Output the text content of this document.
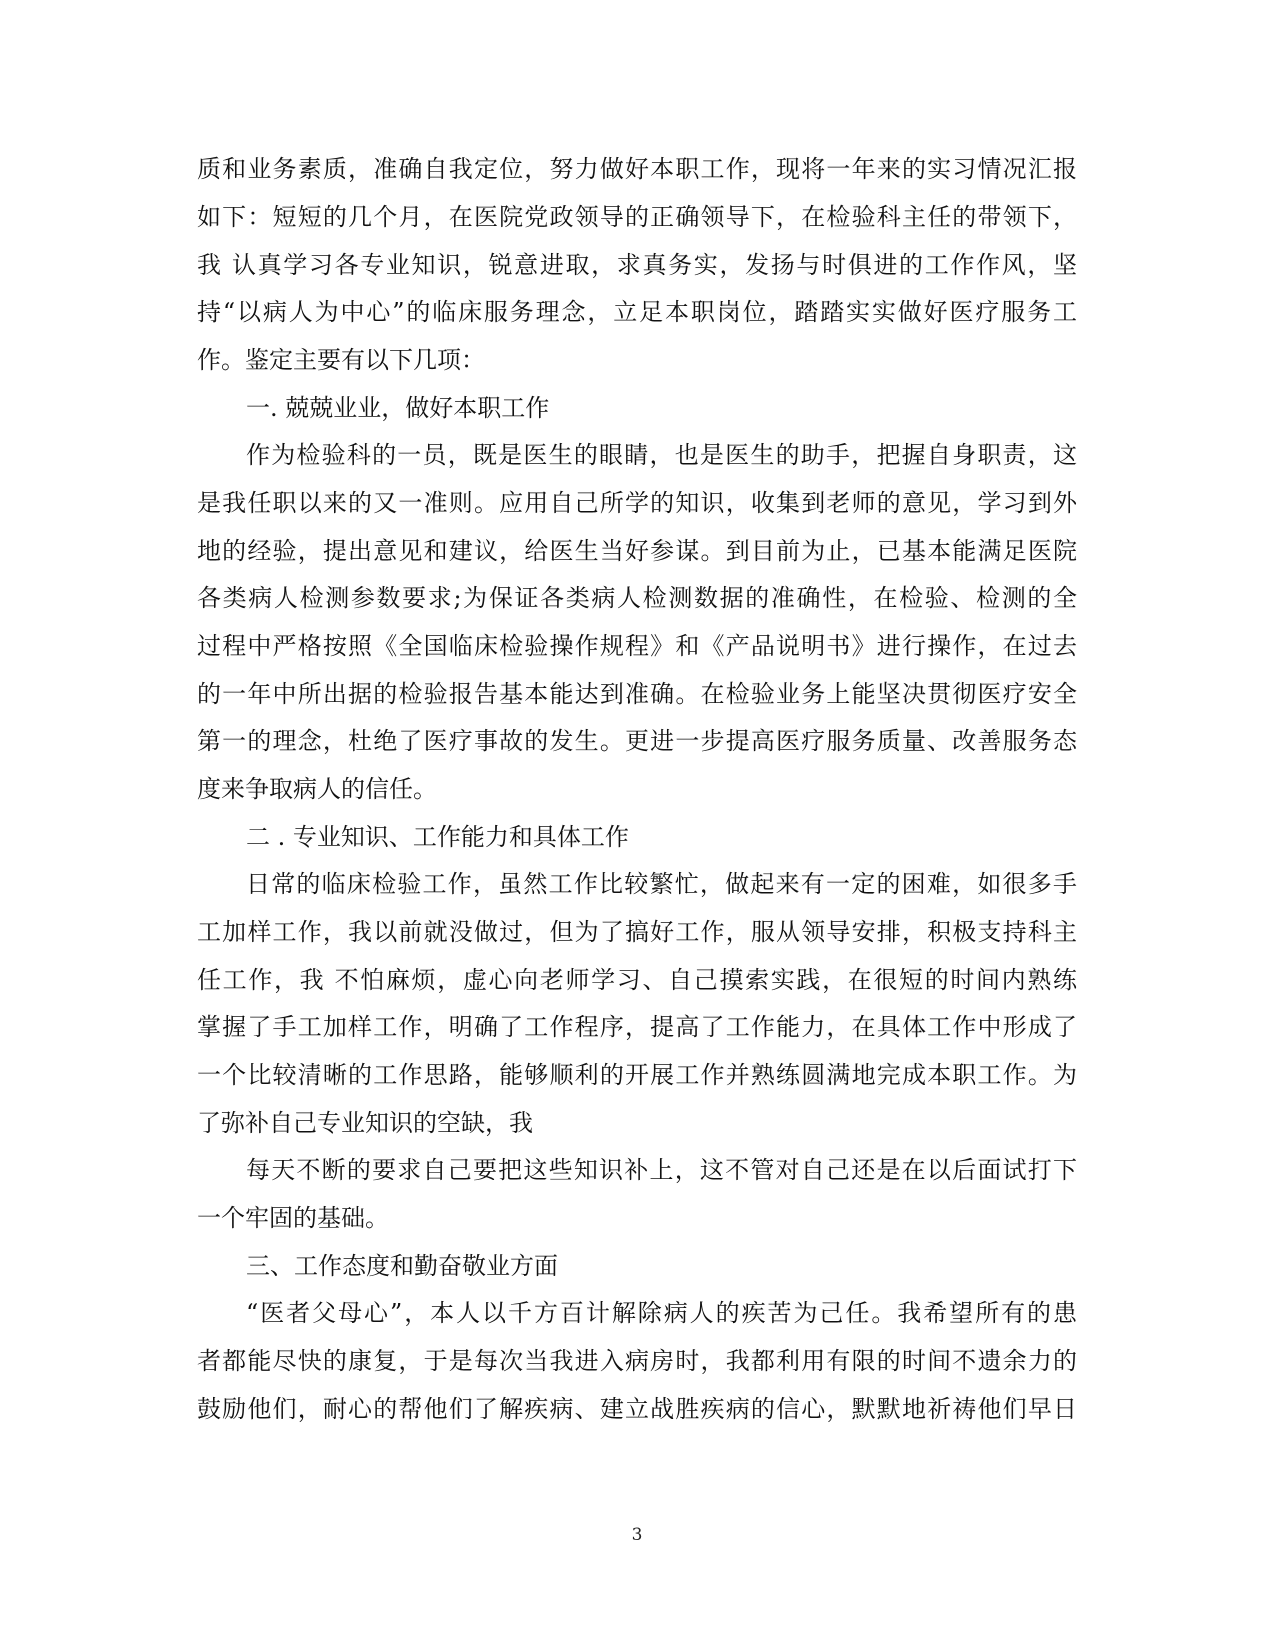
质和业务素质，准确自我定位，努力做好本职工作，现将一年来的实习情况汇报
如下：短短的几个月，在医院党政领导的正确领导下，在检验科主任的带领下，
我 认真学习各专业知识，锐意进取，求真务实，发扬与时俱进的工作作风，坚
持“以病人为中心”的临床服务理念，立足本职岗位，踏踏实实做好医疗服务工
作。鉴定主要有以下几项：
一. 兢兢业业，做好本职工作
作为检验科的一员，既是医生的眼睛，也是医生的助手，把握自身职责，这
是我任职以来的又一准则。应用自己所学的知识，收集到老师的意见，学习到外
地的经验，提出意见和建议，给医生当好参谋。到目前为止，已基本能满足医院
各类病人检测参数要求;为保证各类病人检测数据的准确性，在检验、检测的全
过程中严格按照《全国临床检验操作规程》和《产品说明书》进行操作，在过去
的一年中所出据的检验报告基本能达到准确。在检验业务上能坚决贯彻医疗安全
第一的理念，杜绝了医疗事故的发生。更进一步提高医疗服务质量、改善服务态
度来争取病人的信任。
二 . 专业知识、工作能力和具体工作
日常的临床检验工作，虽然工作比较繁忙，做起来有一定的困难，如很多手
工加样工作，我以前就没做过，但为了搞好工作，服从领导安排，积极支持科主
任工作，我 不怕麻烦，虚心向老师学习、自己摸索实践，在很短的时间内熟练
掌握了手工加样工作，明确了工作程序，提高了工作能力，在具体工作中形成了
一个比较清晰的工作思路，能够顺利的开展工作并熟练圆满地完成本职工作。为
了弥补自己专业知识的空缺，我
每天不断的要求自己要把这些知识补上，这不管对自己还是在以后面试打下
一个牢固的基础。
三、工作态度和勤奋敬业方面
“医者父母心”，本人以千方百计解除病人的疾苦为己任。我希望所有的患
者都能尽快的康复，于是每次当我进入病房时，我都利用有限的时间不遗余力的
鼓励他们，耐心的帮他们了解疾病、建立战胜疾病的信心，默默地祈祷他们早日
3
